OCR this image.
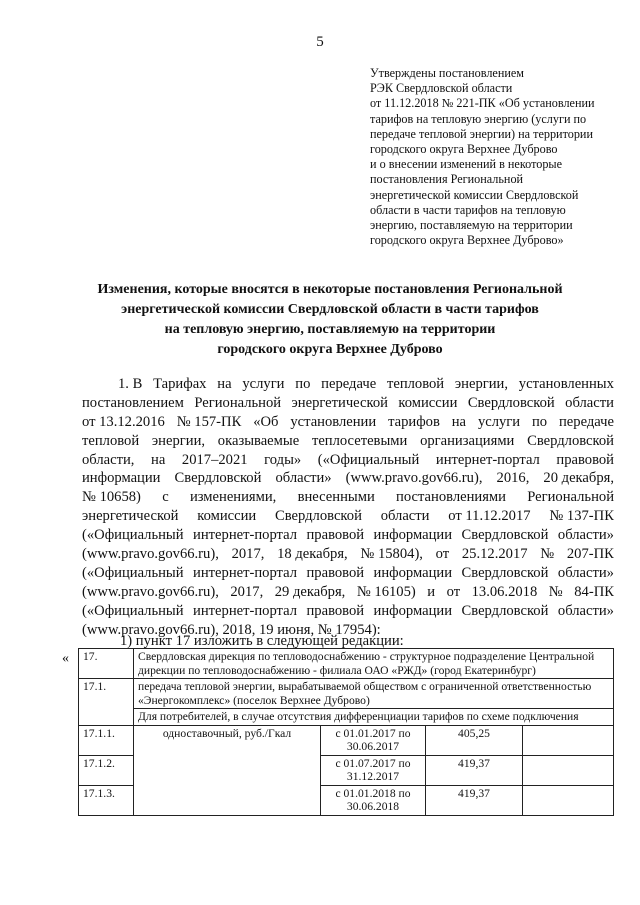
5
Утверждены постановлением
РЭК Свердловской области
от 11.12.2018 № 221-ПК «Об установлении
тарифов на тепловую энергию (услуги по
передаче тепловой энергии) на территории
городского округа Верхнее Дуброво
и о внесении изменений в некоторые
постановления Региональной
энергетической комиссии Свердловской
области в части тарифов на тепловую
энергию, поставляемую на территории
городского округа Верхнее Дуброво»
Изменения, которые вносятся в некоторые постановления Региональной
энергетической комиссии Свердловской области в части тарифов
на тепловую энергию, поставляемую на территории
городского округа Верхнее Дуброво
1. В Тарифах на услуги по передаче тепловой энергии, установленных
постановлением Региональной энергетической комиссии Свердловской области
от 13.12.2016 № 157-ПК «Об установлении тарифов на услуги по передаче
тепловой энергии, оказываемые теплосетевыми организациями Свердловской
области, на 2017–2021 годы» («Официальный интернет-портал правовой
информации Свердловской области» (www.pravo.gov66.ru), 2016, 20 декабря,
№ 10658) с изменениями, внесенными постановлениями Региональной
энергетической комиссии Свердловской области от 11.12.2017 № 137-ПК
(«Официальный интернет-портал правовой информации Свердловской области»
(www.pravo.gov66.ru), 2017, 18 декабря, № 15804), от 25.12.2017 № 207-ПК
(«Официальный интернет-портал правовой информации Свердловской области»
(www.pravo.gov66.ru), 2017, 29 декабря, № 16105) и от 13.06.2018 № 84-ПК
(«Официальный интернет-портал правовой информации Свердловской области»
(www.pravo.gov66.ru), 2018, 19 июня, № 17954):
1) пункт 17 изложить в следующей редакции:
« 17.	Свердловская дирекция по тепловодоснабжению - структурное подразделение Центральной дирекции по тепловодоснабжению - филиала ОАО «РЖД» (город Екатеринбург)			
17.1.	передача тепловой энергии, вырабатываемой обществом с ограниченной ответственностью «Энергокомплекс» (поселок Верхнее Дуброво)			
	Для потребителей, в случае отсутствия дифференциации тарифов по схеме подключения			
17.1.1.	одноставочный, руб./Гкал	с 01.01.2017 по 30.06.2017	405,25	
17.1.2.		с 01.07.2017 по 31.12.2017	419,37	
17.1.3.		с 01.01.2018 по 30.06.2018	419,37	
